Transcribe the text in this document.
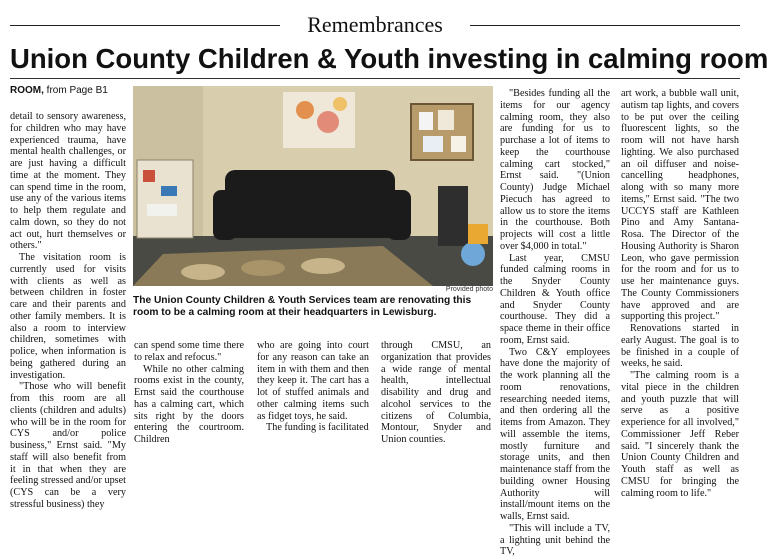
Remembrances
Union County Children & Youth investing in calming room
ROOM, from Page B1

detail to sensory awareness, for children who may have experienced trauma, have mental health challenges, or are just having a difficult time at the moment. They can spend time in the room, use any of the various items to help them regulate and calm down, so they do not act out, hurt themselves or others."

The visitation room is currently used for visits with clients as well as between children in foster care and their parents and other family members. It is also a room to interview children, sometimes with police, when information is being gathered during an investigation.

"Those who will benefit from this room are all clients (children and adults) who will be in the room for CYS and/or police business," Ernst said. "My staff will also benefit from it in that when they are feeling stressed and/or upset (CYS can be a very stressful business) they

can spend some time there to relax and refocus."

While no other calming rooms exist in the county, Ernst said the courthouse has a calming cart, which sits right by the doors entering the courtroom. Children

who are going into court for any reason can take an item in with them and then they keep it. The cart has a lot of stuffed animals and other calming items such as fidget toys, he said.

The funding is facilitated

through CMSU, an organization that provides a wide range of mental health, intellectual disability and drug and alcohol services to the citizens of Columbia, Montour, Snyder and Union counties.

"Besides funding all the items for our agency calming room, they also are funding for us to purchase a lot of items to keep the courthouse calming cart stocked," Ernst said. "(Union County) Judge Michael Piecuch has agreed to allow us to store the items in the courthouse. Both projects will cost a little over $4,000 in total."

Last year, CMSU funded calming rooms in the Snyder County Children & Youth office and Snyder County courthouse. They did a space theme in their office room, Ernst said.

Two C&Y employees have done the majority of the work planning all the room renovations, researching needed items, and then ordering all the items from Amazon. They will assemble the items, mostly furniture and storage units, and then maintenance staff from the building owner Housing Authority will install/mount items on the walls, Ernst said.

"This will include a TV, a lighting unit behind the TV,

art work, a bubble wall unit, autism tap lights, and covers to be put over the ceiling fluorescent lights, so the room will not have harsh lighting. We also purchased an oil diffuser and noise-cancelling headphones, along with so many more items," Ernst said. "The two UCCYS staff are Kathleen Pino and Amy Santana-Rosa. The Director of the Housing Authority is Sharon Leon, who gave permission for the room and for us to use her maintenance guys. The County Commissioners have approved and are supporting this project."

Renovations started in early August. The goal is to be finished in a couple of weeks, he said.

"The calming room is a vital piece in the children and youth puzzle that will serve as a positive experience for all involved," Commissioner Jeff Reber said. "I sincerely thank the Union County Children and Youth staff as well as CMSU for bringing the calming room to life."

Provided photo
The Union County Children & Youth Services team are renovating this room to be a calming room at their headquarters in Lewisburg.
